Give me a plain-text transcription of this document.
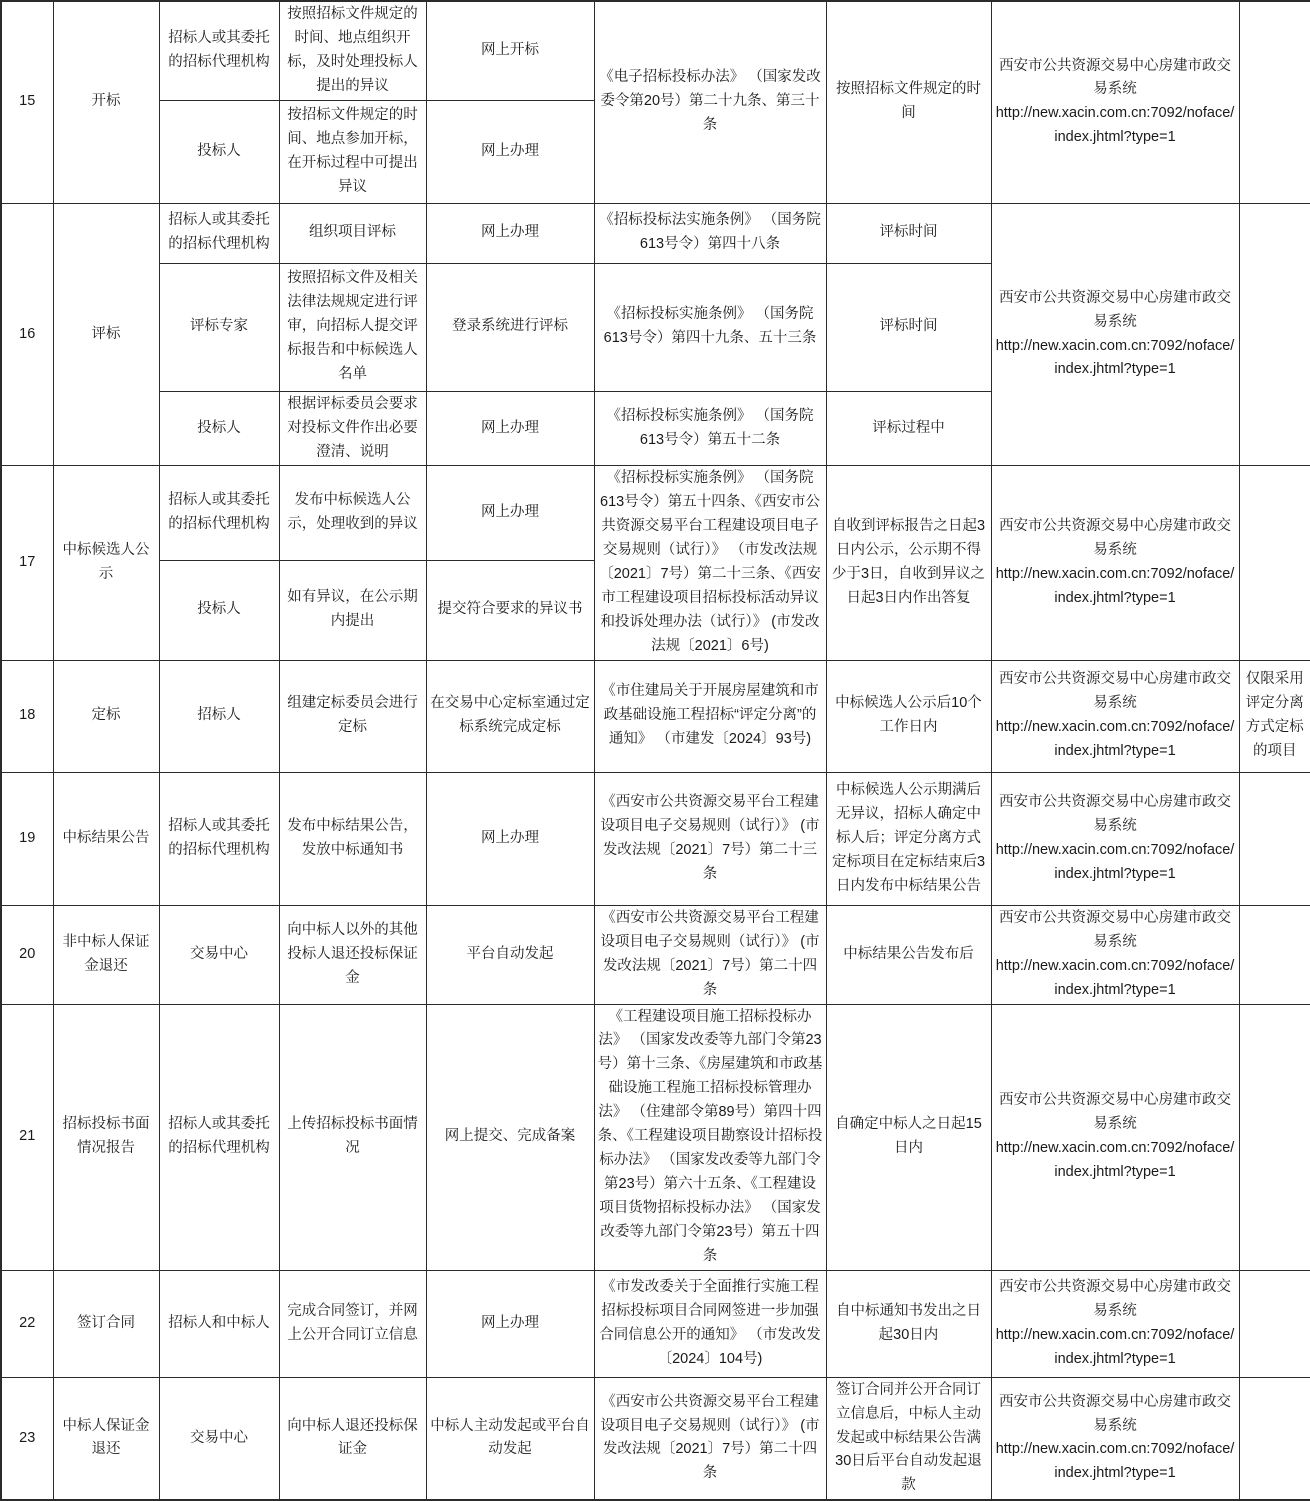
15	开标	招标人或其委托的招标代理机构	按照招标文件规定的时间、地点组织开标，及时处理投标人提出的异议	网上开标	《电子招标投标办法》 （国家发改委令第20号）第二十九条、第三十条	按照招标文件规定的时间	西安市公共资源交易中心房建市政交易系统
http://new.xacin.com.cn:7092/noface/index.jhtml?type=1	

		投标人	按招标文件规定的时间、地点参加开标，在开标过程中可提出异议	网上办理				
16	评标	招标人或其委托的招标代理机构	组织项目评标	网上办理	《招标投标法实施条例》 （国务院613号令）第四十八条	评标时间	西安市公共资源交易中心房建市政交易系统
http://new.xacin.com.cn:7092/noface/index.jhtml?type=1	

		评标专家	按照招标文件及相关法律法规规定进行评审，向招标人提交评标报告和中标候选人名单	登录系统进行评标	《招标投标实施条例》 （国务院613号令）第四十九条、五十三条	评标时间		
		投标人	根据评标委员会要求对投标文件作出必要澄清、说明	网上办理	《招标投标实施条例》 （国务院613号令）第五十二条	评标过程中		
17	中标候选人公示	招标人或其委托的招标代理机构	发布中标候选人公示，处理收到的异议	网上办理	《招标投标实施条例》 （国务院613号令）第五十四条、《西安市公共资源交易平台工程建设项目电子交易规则（试行）》 （市发改法规〔2021〕7号）第二十三条、《西安市工程建设项目招标投标活动异议和投诉处理办法（试行）》 (市发改法规〔2021〕6号)	自收到评标报告之日起3日内公示，公示期不得少于3日，自收到异议之日起3日内作出答复	西安市公共资源交易中心房建市政交易系统
http://new.xacin.com.cn:7092/noface/index.jhtml?type=1	

		投标人	如有异议，在公示期内提出	提交符合要求的异议书				
18	定标	招标人	组建定标委员会进行定标	在交易中心定标室通过定标系统完成定标	《市住建局关于开展房屋建筑和市政基础设施工程招标“评定分离”的通知》 （市建发〔2024〕93号)	中标候选人公示后10个工作日内	西安市公共资源交易中心房建市政交易系统
http://new.xacin.com.cn:7092/noface/index.jhtml?type=1	仅限采用评定分离方式定标的项目
19	中标结果公告	招标人或其委托的招标代理机构	发布中标结果公告，发放中标通知书	网上办理	《西安市公共资源交易平台工程建设项目电子交易规则（试行）》 (市发改法规〔2021〕7号）第二十三条	中标候选人公示期满后无异议，招标人确定中标人后；评定分离方式定标项目在定标结束后3日内发布中标结果公告	西安市公共资源交易中心房建市政交易系统
http://new.xacin.com.cn:7092/noface/index.jhtml?type=1	

20	非中标人保证金退还	交易中心	向中标人以外的其他投标人退还投标保证金	平台自动发起	《西安市公共资源交易平台工程建设项目电子交易规则（试行）》 (市发改法规〔2021〕7号）第二十四条	中标结果公告发布后	西安市公共资源交易中心房建市政交易系统
http://new.xacin.com.cn:7092/noface/index.jhtml?type=1	

21	招标投标书面情况报告	招标人或其委托的招标代理机构	上传招标投标书面情况	网上提交、完成备案	《工程建设项目施工招标投标办法》 （国家发改委等九部门令第23号）第十三条、《房屋建筑和市政基础设施工程施工招标投标管理办法》 （住建部令第89号）第四十四条、《工程建设项目勘察设计招标投标办法》 （国家发改委等九部门令第23号）第六十五条、《工程建设项目货物招标投标办法》 （国家发改委等九部门令第23号）第五十四条	自确定中标人之日起15日内	西安市公共资源交易中心房建市政交易系统
http://new.xacin.com.cn:7092/noface/index.jhtml?type=1	

22	签订合同	招标人和中标人	完成合同签订，并网上公开合同订立信息	网上办理	《市发改委关于全面推行实施工程招标投标项目合同网签进一步加强合同信息公开的通知》 （市发改发〔2024〕104号)	自中标通知书发出之日起30日内	西安市公共资源交易中心房建市政交易系统
http://new.xacin.com.cn:7092/noface/index.jhtml?type=1	

23	中标人保证金退还	交易中心	向中标人退还投标保证金	中标人主动发起或平台自动发起	《西安市公共资源交易平台工程建设项目电子交易规则（试行）》 (市发改法规〔2021〕7号）第二十四条	签订合同并公开合同订立信息后，中标人主动发起或中标结果公告满30日后平台自动发起退款	西安市公共资源交易中心房建市政交易系统
http://new.xacin.com.cn:7092/noface/index.jhtml?type=1	
